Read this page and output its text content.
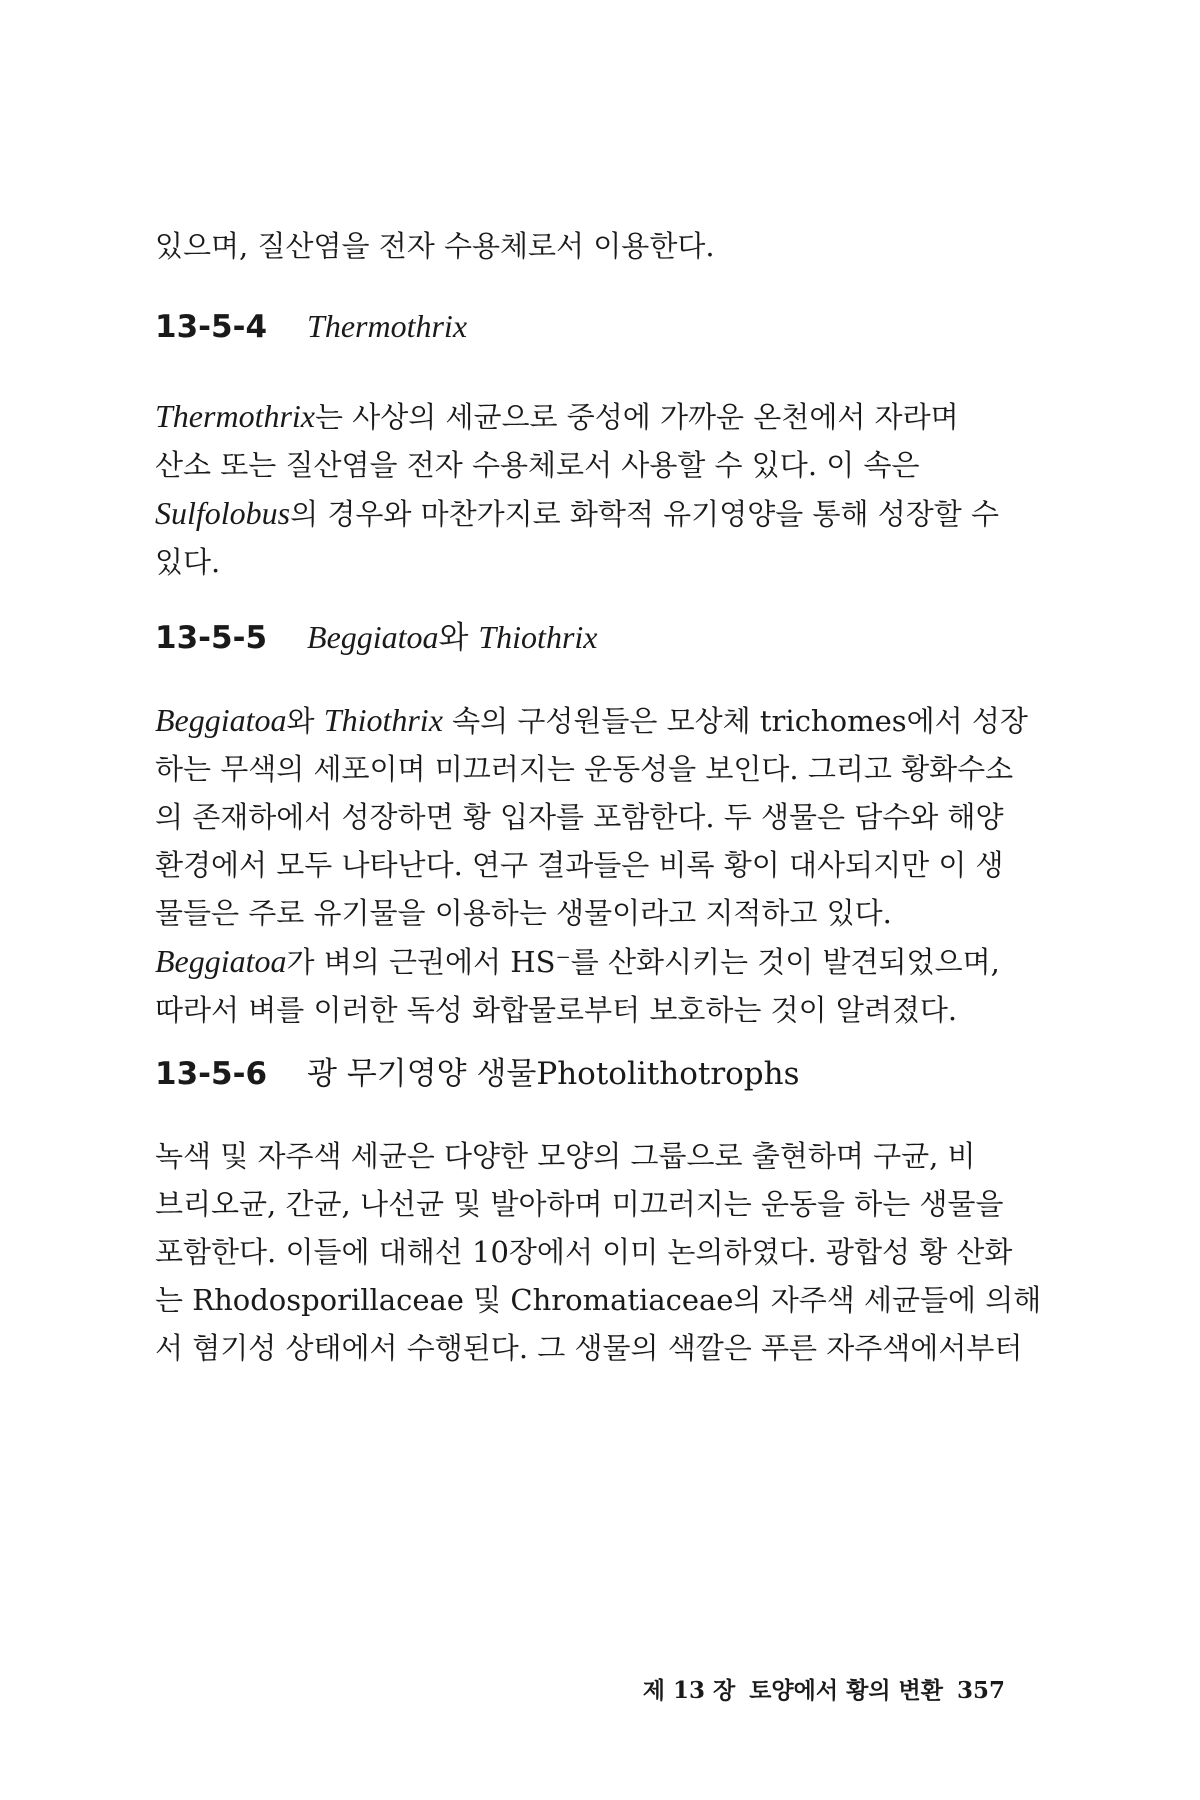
있으며, 질산염을 전자 수용체로서 이용한다.

13-5-4 Thermothrix

Thermothrix는 사상의 세균으로 중성에 가까운 온천에서 자라며
산소 또는 질산염을 전자 수용체로서 사용할 수 있다. 이 속은
Sulfolobus의 경우와 마찬가지로 화학적 유기영양을 통해 성장할 수
있다.

13-5-5 Beggiatoa와 Thiothrix

Beggiatoa와 Thiothrix 속의 구성원들은 모상체 trichomes에서 성장
하는 무색의 세포이며 미끄러지는 운동성을 보인다. 그리고 황화수소
의 존재하에서 성장하면 황 입자를 포함한다. 두 생물은 담수와 해양
환경에서 모두 나타난다. 연구 결과들은 비록 황이 대사되지만 이 생
물들은 주로 유기물을 이용하는 생물이라고 지적하고 있다.
Beggiatoa가 벼의 근권에서 HS⁻를 산화시키는 것이 발견되었으며,
따라서 벼를 이러한 독성 화합물로부터 보호하는 것이 알려졌다.

13-5-6 광 무기영양 생물Photolithotrophs

녹색 및 자주색 세균은 다양한 모양의 그룹으로 출현하며 구균, 비
브리오균, 간균, 나선균 및 발아하며 미끄러지는 운동을 하는 생물을
포함한다. 이들에 대해선 10장에서 이미 논의하였다. 광합성 황 산화
는 Rhodosporillaceae 및 Chromatiaceae의 자주색 세균들에 의해
서 혐기성 상태에서 수행된다. 그 생물의 색깔은 푸른 자주색에서부터

제 13 장 토양에서 황의 변환 357
